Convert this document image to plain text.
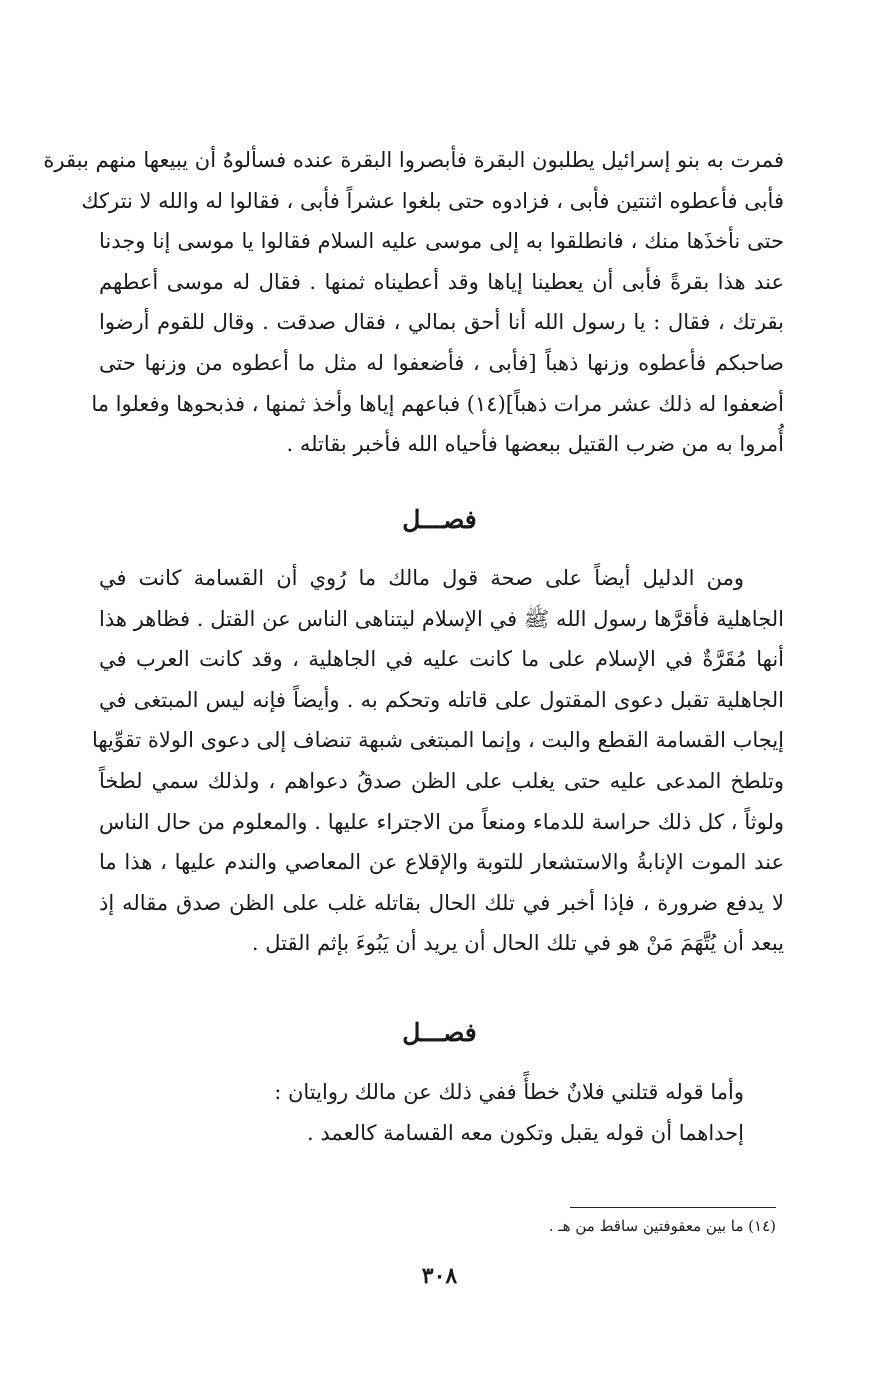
فمرت به بنو إسرائيل يطلبون البقرة فأبصروا البقرة عنده فسألوهُ أن يبيعها منهم ببقرة
فأبى فأعطوه اثنتين فأبى ، فزادوه حتى بلغوا عشراً فأبى ، فقالوا له والله لا نتركك
حتى نأخذَها منك ، فانطلقوا به إلى موسى عليه السلام فقالوا يا موسى إنا وجدنا
عند هذا بقرةً فأبى أن يعطينا إياها وقد أعطيناه ثمنها . فقال له موسى أعطهم
بقرتك ، فقال : يا رسول الله أنا أحق بمالي ، فقال صدقت . وقال للقوم أرضوا
صاحبكم فأعطوه وزنها ذهباً [فأبى ، فأضعفوا له مثل ما أعطوه من وزنها حتى
أضعفوا له ذلك عشر مرات ذهباً](١٤) فباعهم إياها وأخذ ثمنها ، فذبحوها وفعلوا ما
أُمروا به من ضرب القتيل ببعضها فأحياه الله فأخبر بقاتله .
فصـــل
ومن الدليل أيضاً على صحة قول مالك ما رُوي أن القسامة كانت في
الجاهلية فأقرَّها رسول الله ﷺ في الإسلام ليتناهى الناس عن القتل . فظاهر هذا
أنها مُقَرَّةٌ في الإسلام على ما كانت عليه في الجاهلية ، وقد كانت العرب في
الجاهلية تقبل دعوى المقتول على قاتله وتحكم به . وأيضاً فإنه ليس المبتغى في
إيجاب القسامة القطع والبت ، وإنما المبتغى شبهة تنضاف إلى دعوى الولاة تقوِّيها
وتلطخ المدعى عليه حتى يغلب على الظن صدقُ دعواهم ، ولذلك سمي لطخاً
ولوثاً ، كل ذلك حراسة للدماء ومنعاً من الاجتراء عليها . والمعلوم من حال الناس
عند الموت الإنابةُ والاستشعار للتوبة والإقلاع عن المعاصي والندم عليها ، هذا ما
لا يدفع ضرورة ، فإذا أخبر في تلك الحال بقاتله غلب على الظن صدق مقاله إذ
يبعد أن يُتَّهَمَ مَنْ هو في تلك الحال أن يريد أن يَبُوءَ بإثم القتل .
فصـــل
وأما قوله قتلني فلانٌ خطأً ففي ذلك عن مالك روايتان :
إحداهما أن قوله يقبل وتكون معه القسامة كالعمد .
(١٤) ما بين معقوفتين ساقط من هـ .
٣٠٨
